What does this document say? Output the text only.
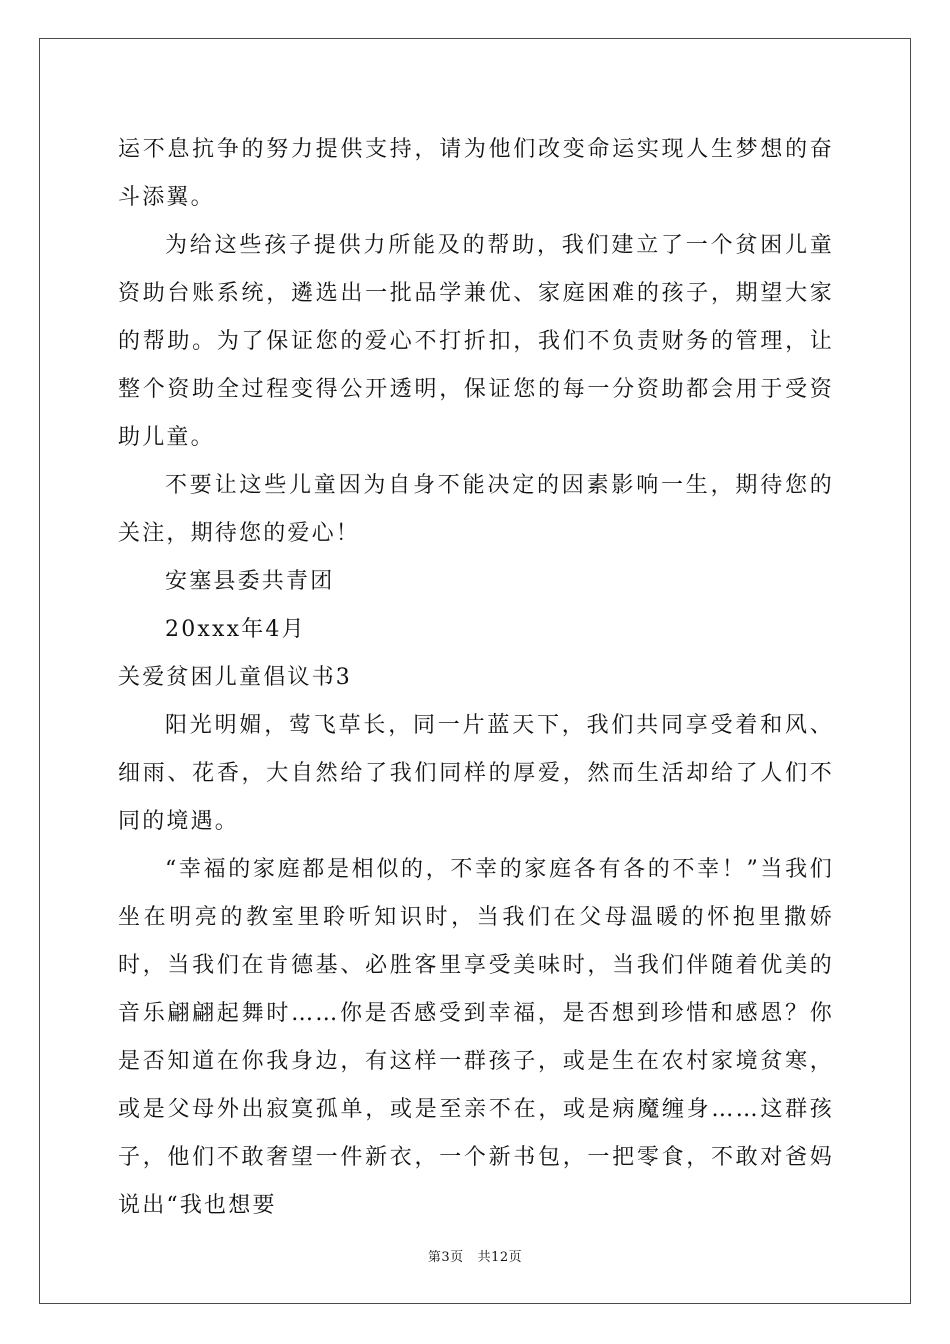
运不息抗争的努力提供支持，请为他们改变命运实现人生梦想的奋斗添翼。

为给这些孩子提供力所能及的帮助，我们建立了一个贫困儿童资助台账系统，遴选出一批品学兼优、家庭困难的孩子，期望大家的帮助。为了保证您的爱心不打折扣，我们不负责财务的管理，让整个资助全过程变得公开透明，保证您的每一分资助都会用于受资助儿童。

不要让这些儿童因为自身不能决定的因素影响一生，期待您的关注，期待您的爱心！

安塞县委共青团

20xxx年4月

关爱贫困儿童倡议书3

阳光明媚，莺飞草长，同一片蓝天下，我们共同享受着和风、细雨、花香，大自然给了我们同样的厚爱，然而生活却给了人们不同的境遇。

“幸福的家庭都是相似的，不幸的家庭各有各的不幸！”当我们坐在明亮的教室里聆听知识时，当我们在父母温暖的怀抱里撒娇时，当我们在肯德基、必胜客里享受美味时，当我们伴随着优美的音乐翩翩起舞时……你是否感受到幸福，是否想到珍惜和感恩？你是否知道在你我身边，有这样一群孩子，或是生在农村家境贫寒，或是父母外出寂寞孤单，或是至亲不在，或是病魔缠身……这群孩子，他们不敢奢望一件新衣，一个新书包，一把零食，不敢对爸妈说出“我也想要

第3页 共12页
